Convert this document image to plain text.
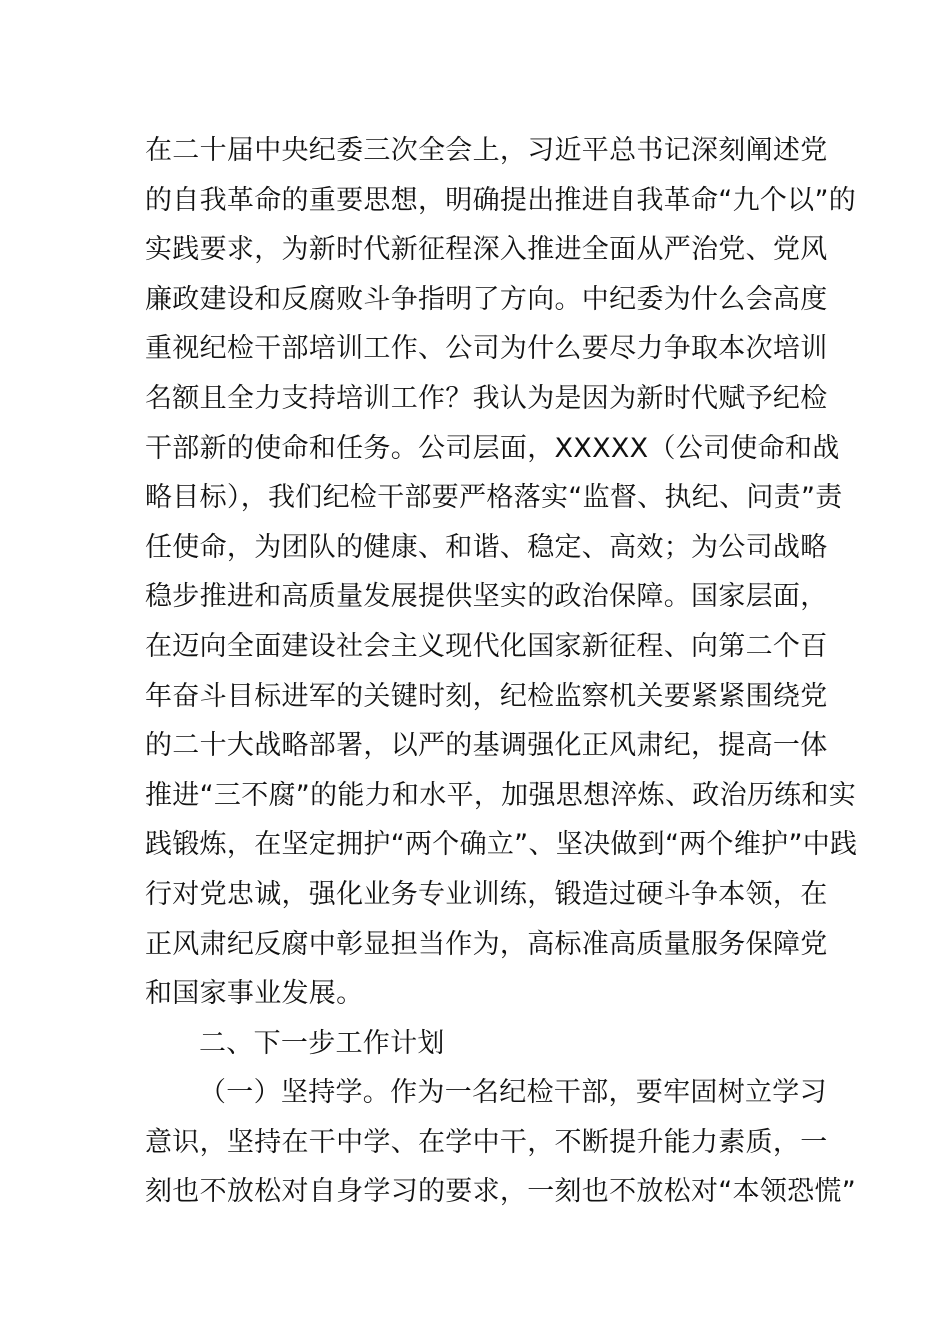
在二十届中央纪委三次全会上，习近平总书记深刻阐述党
的自我革命的重要思想，明确提出推进自我革命“九个以”的
实践要求，为新时代新征程深入推进全面从严治党、党风
廉政建设和反腐败斗争指明了方向。中纪委为什么会高度
重视纪检干部培训工作、公司为什么要尽力争取本次培训
名额且全力支持培训工作？我认为是因为新时代赋予纪检
干部新的使命和任务。公司层面，XXXXX（公司使命和战
略目标），我们纪检干部要严格落实“监督、执纪、问责”责
任使命，为团队的健康、和谐、稳定、高效；为公司战略
稳步推进和高质量发展提供坚实的政治保障。国家层面，
在迈向全面建设社会主义现代化国家新征程、向第二个百
年奋斗目标进军的关键时刻，纪检监察机关要紧紧围绕党
的二十大战略部署，以严的基调强化正风肃纪，提高一体
推进“三不腐”的能力和水平，加强思想淬炼、政治历练和实
践锻炼，在坚定拥护“两个确立”、坚决做到“两个维护”中践
行对党忠诚，强化业务专业训练，锻造过硬斗争本领，在
正风肃纪反腐中彰显担当作为，高标准高质量服务保障党
和国家事业发展。
二、下一步工作计划
（一）坚持学。作为一名纪检干部，要牢固树立学习
意识，坚持在干中学、在学中干，不断提升能力素质，一
刻也不放松对自身学习的要求，一刻也不放松对“本领恐慌”
